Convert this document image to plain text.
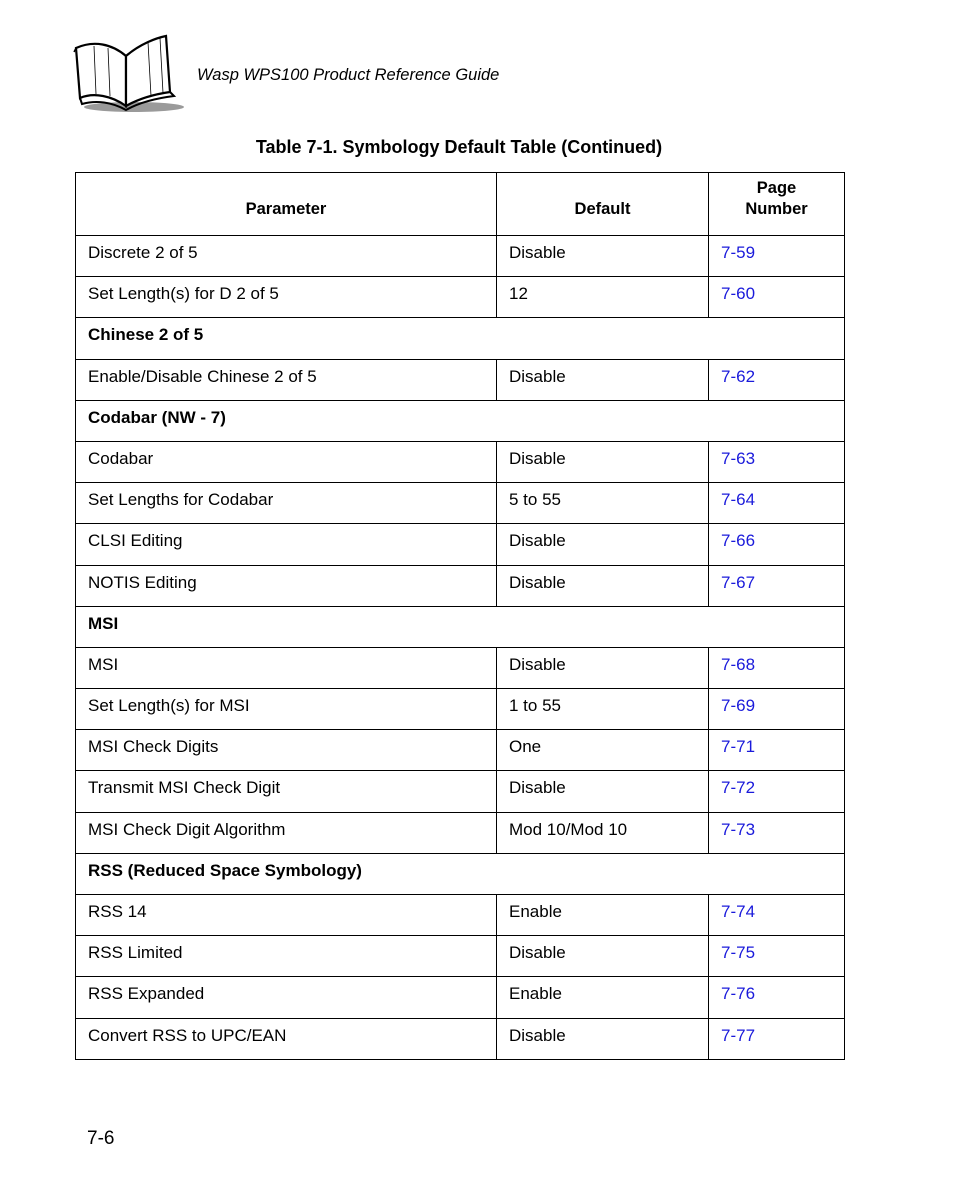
Wasp WPS100 Product Reference Guide
Table 7-1. Symbology Default Table (Continued)
Parameter	Default	Page
Number
Discrete 2 of 5	Disable	7-59
Set Length(s) for D 2 of 5	12	7-60
Chinese 2 of 5		
Enable/Disable Chinese 2 of 5	Disable	7-62
Codabar (NW - 7)		
Codabar	Disable	7-63
Set Lengths for Codabar	5 to 55	7-64
CLSI Editing	Disable	7-66
NOTIS Editing	Disable	7-67
MSI		
MSI	Disable	7-68
Set Length(s) for MSI	1 to 55	7-69
MSI Check Digits	One	7-71
Transmit MSI Check Digit	Disable	7-72
MSI Check Digit Algorithm	Mod 10/Mod 10	7-73
RSS (Reduced Space Symbology)		
RSS 14	Enable	7-74
RSS Limited	Disable	7-75
RSS Expanded	Enable	7-76
Convert RSS to UPC/EAN	Disable	7-77
7-6
